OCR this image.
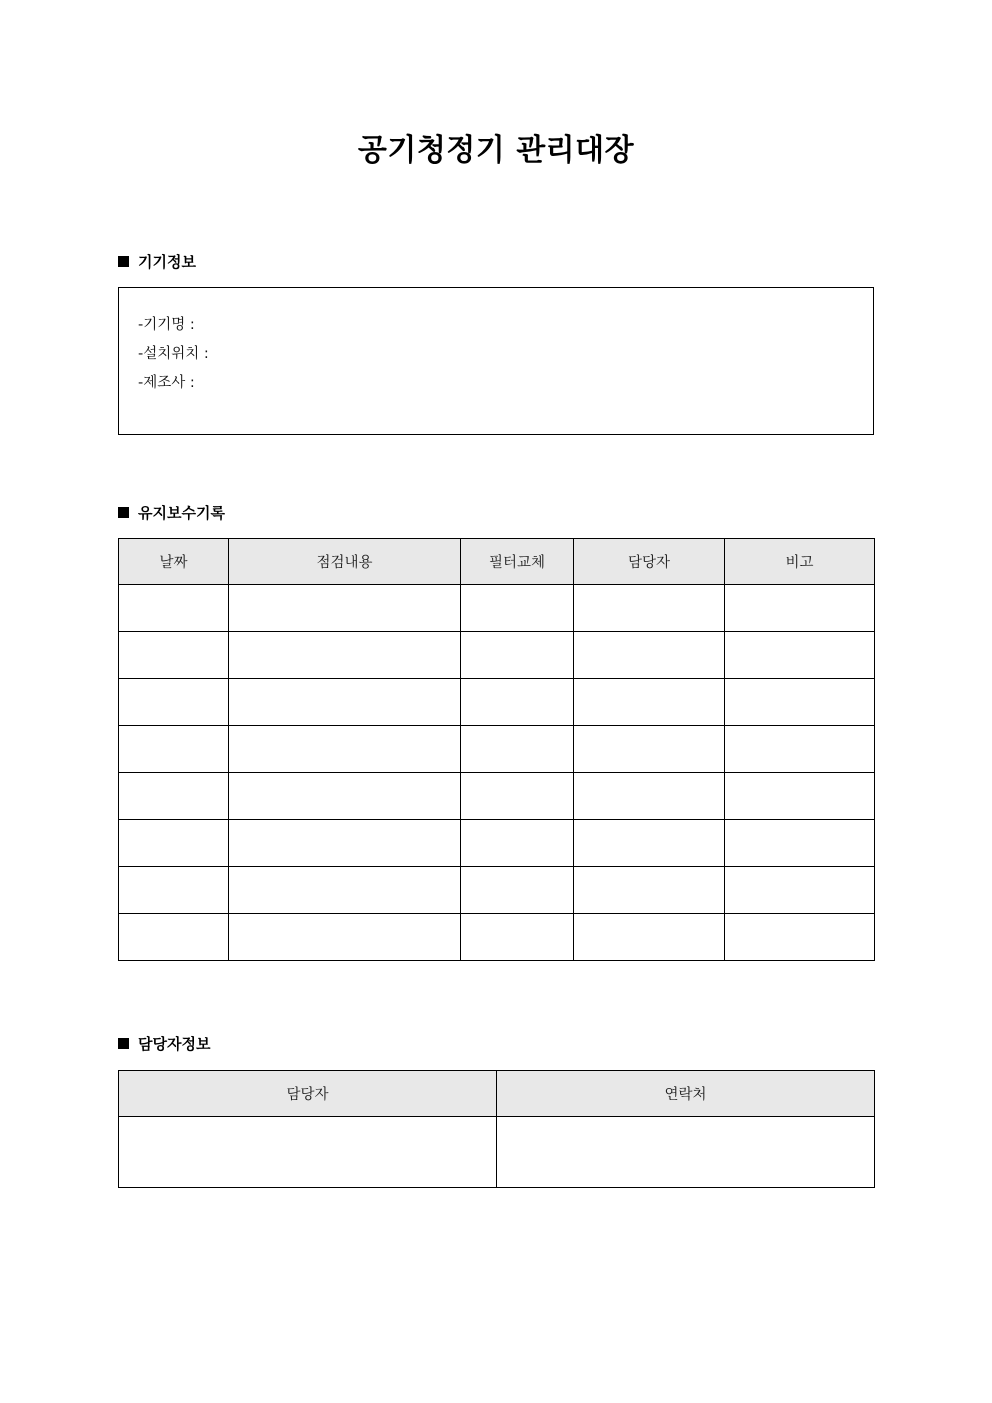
공기청정기 관리대장
기기정보
-기기명 :
-설치위치 :
-제조사 :
유지보수기록
날짜	점검내용	필터교체	담당자	비고

담당자정보
담당자	연락처
